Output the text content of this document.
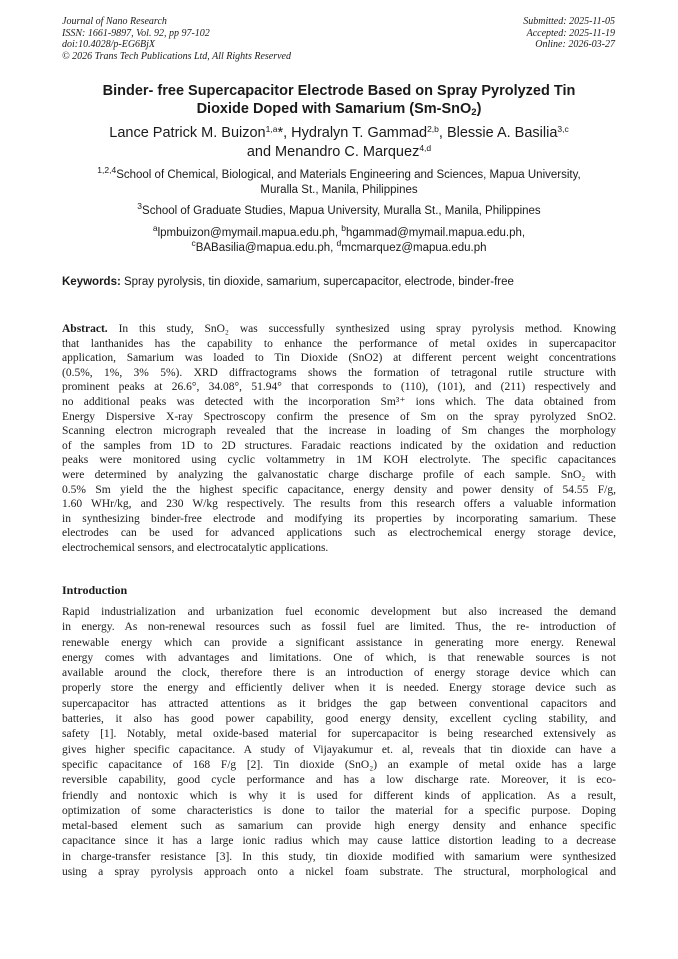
Journal of Nano Research
ISSN: 1661-9897, Vol. 92, pp 97-102
doi:10.4028/p-EG6BjX
© 2026 Trans Tech Publications Ltd, All Rights Reserved
Submitted: 2025-11-05
Accepted: 2025-11-19
Online: 2026-03-27
Binder- free Supercapacitor Electrode Based on Spray Pyrolyzed Tin
Dioxide Doped with Samarium (Sm-SnO$_2$)
Lance Patrick M. Buizon$^{1,a}$*, Hydralyn T. Gammad$^{2,b}$, Blessie A. Basilia$^{3,c}$
and Menandro C. Marquez$^{4,d}$
$^{1,2,4}$School of Chemical, Biological, and Materials Engineering and Sciences, Mapua University,
Muralla St., Manila, Philippines
$^3$School of Graduate Studies, Mapua University, Muralla St., Manila, Philippines
$^a$lpmbuizon@mymail.mapua.edu.ph, $^b$hgammad@mymail.mapua.edu.ph,
$^c$BABasilia@mapua.edu.ph, $^d$mcmarquez@mapua.edu.ph
Keywords: Spray pyrolysis, tin dioxide, samarium, supercapacitor, electrode, binder-free
Abstract. In this study, SnO₂ was successfully synthesized using spray pyrolysis method. Knowing
that lanthanides has the capability to enhance the performance of metal oxides in supercapacitor
application, Samarium was loaded to Tin Dioxide (SnO2) at different percent weight concentrations
(0.5%, 1%, 3% 5%). XRD diffractograms shows the formation of tetragonal rutile structure with
prominent peaks at 26.6°, 34.08°, 51.94° that corresponds to (110), (101), and (211) respectively and
no additional peaks was detected with the incorporation Sm³⁺ ions which. The data obtained from
Energy Dispersive X-ray Spectroscopy confirm the presence of Sm on the spray pyrolyzed SnO2.
Scanning electron micrograph revealed that the increase in loading of Sm changes the morphology
of the samples from 1D to 2D structures. Faradaic reactions indicated by the oxidation and reduction
peaks were monitored using cyclic voltammetry in 1M KOH electrolyte. The specific capacitances
were determined by analyzing the galvanostatic charge discharge profile of each sample. SnO₂ with
0.5% Sm yield the the highest specific capacitance, energy density and power density of 54.55 F/g,
1.60 WHr/kg, and 230 W/kg respectively. The results from this research offers a valuable information
in synthesizing binder-free electrode and modifying its properties by incorporating samarium. These
electrodes can be used for advanced applications such as electrochemical energy storage device,
electrochemical sensors, and electrocatalytic applications.
Introduction
Rapid industrialization and urbanization fuel economic development but also increased the demand
in energy. As non-renewal resources such as fossil fuel are limited. Thus, the re- introduction of
renewable energy which can provide a significant assistance in generating more energy. Renewal
energy comes with advantages and limitations. One of which, is that renewable sources is not
available around the clock, therefore there is an introduction of energy storage device which can
properly store the energy and efficiently deliver when it is needed. Energy storage device such as
supercapacitor has attracted attentions as it bridges the gap between conventional capacitors and
batteries, it also has good power capability, good energy density, excellent cycling stability, and
safety [1]. Notably, metal oxide-based material for supercapacitor is being researched extensively as
gives higher specific capacitance. A study of Vijayakumur et. al, reveals that tin dioxide can have a
specific capacitance of 168 F/g [2]. Tin dioxide (SnO₂) an example of metal oxide has a large
reversible capability, good cycle performance and has a low discharge rate. Moreover, it is eco-
friendly and nontoxic which is why it is used for different kinds of application. As a result,
optimization of some characteristics is done to tailor the material for a specific purpose. Doping
metal-based element such as samarium can provide high energy density and enhance specific
capacitance since it has a large ionic radius which may cause lattice distortion leading to a decrease
in charge-transfer resistance [3]. In this study, tin dioxide modified with samarium were synthesized
using a spray pyrolysis approach onto a nickel foam substrate. The structural, morphological and
